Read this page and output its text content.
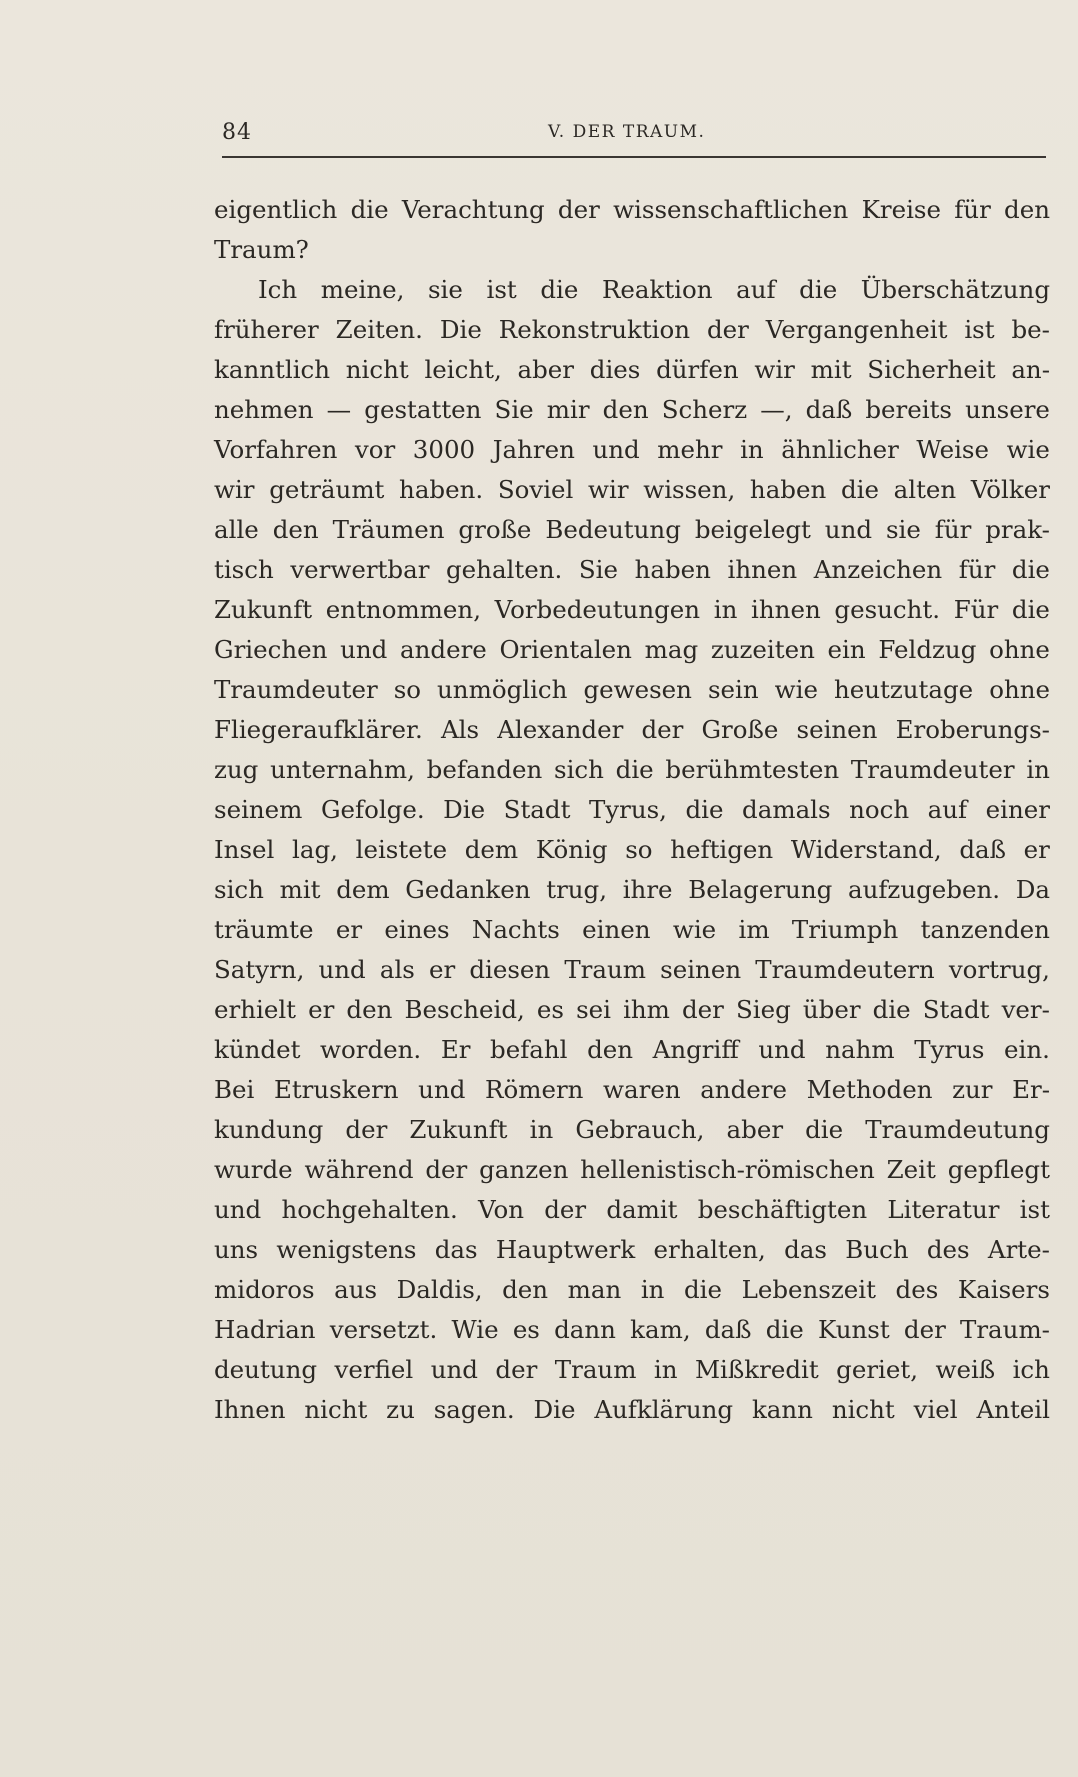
84	V. DER TRAUM.
eigentlich die Verachtung der wissenschaftlichen Kreise für den
Traum?
Ich meine, sie ist die Reaktion auf die Überschätzung
früherer Zeiten. Die Rekonstruktion der Vergangenheit ist be-
kanntlich nicht leicht, aber dies dürfen wir mit Sicherheit an-
nehmen — gestatten Sie mir den Scherz —, daß bereits unsere
Vorfahren vor 3000 Jahren und mehr in ähnlicher Weise wie
wir geträumt haben. Soviel wir wissen, haben die alten Völker
alle den Träumen große Bedeutung beigelegt und sie für prak-
tisch verwertbar gehalten. Sie haben ihnen Anzeichen für die
Zukunft entnommen, Vorbedeutungen in ihnen gesucht. Für die
Griechen und andere Orientalen mag zuzeiten ein Feldzug ohne
Traumdeuter so unmöglich gewesen sein wie heutzutage ohne
Fliegeraufklärer. Als Alexander der Große seinen Eroberungs-
zug unternahm, befanden sich die berühmtesten Traumdeuter in
seinem Gefolge. Die Stadt Tyrus, die damals noch auf einer
Insel lag, leistete dem König so heftigen Widerstand, daß er
sich mit dem Gedanken trug, ihre Belagerung aufzugeben. Da
träumte er eines Nachts einen wie im Triumph tanzenden
Satyrn, und als er diesen Traum seinen Traumdeutern vortrug,
erhielt er den Bescheid, es sei ihm der Sieg über die Stadt ver-
kündet worden. Er befahl den Angriff und nahm Tyrus ein.
Bei Etruskern und Römern waren andere Methoden zur Er-
kundung der Zukunft in Gebrauch, aber die Traumdeutung
wurde während der ganzen hellenistisch-römischen Zeit gepflegt
und hochgehalten. Von der damit beschäftigten Literatur ist
uns wenigstens das Hauptwerk erhalten, das Buch des Arte-
midoros aus Daldis, den man in die Lebenszeit des Kaisers
Hadrian versetzt. Wie es dann kam, daß die Kunst der Traum-
deutung verfiel und der Traum in Mißkredit geriet, weiß ich
Ihnen nicht zu sagen. Die Aufklärung kann nicht viel Anteil
